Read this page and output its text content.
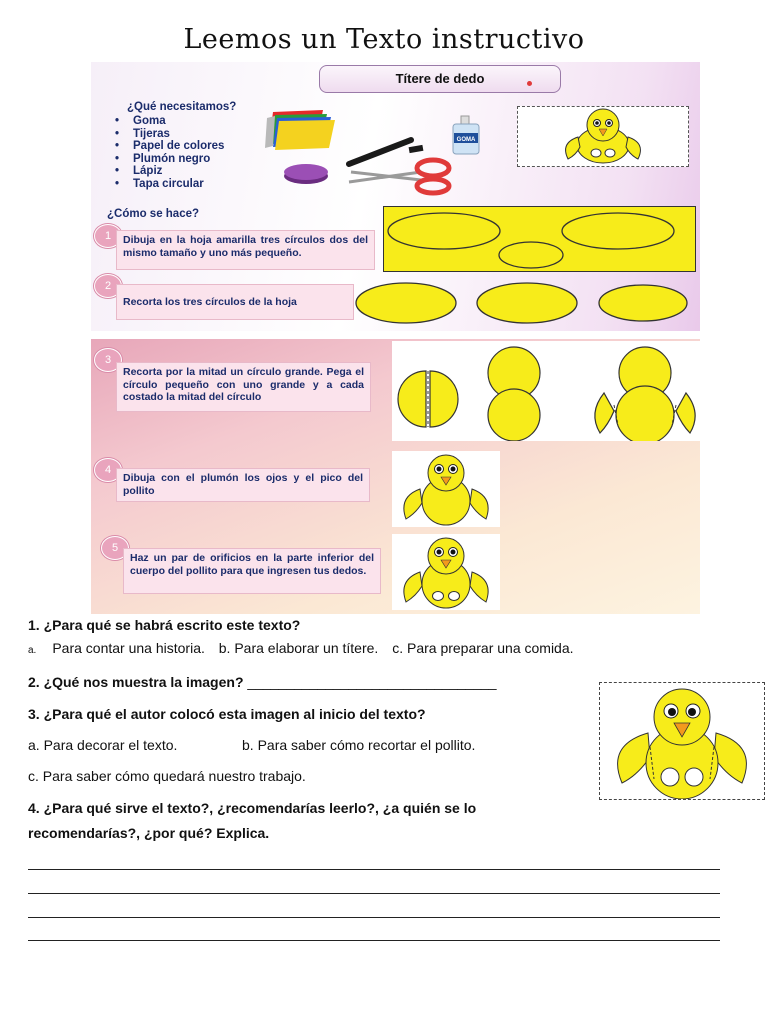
Leemos un Texto instructivo
Títere de dedo
¿Qué necesitamos?
• Goma
• Tijeras
• Papel de colores
• Plumón negro
• Lápiz
• Tapa circular
GOMA
¿Cómo se hace?
1	Dibuja en la hoja amarilla tres círculos dos del mismo tamaño y uno más pequeño.
2
Recorta los tres círculos de la hoja
3
Recorta por la mitad un círculo grande. Pega el círculo pequeño con uno grande y a cada costado la mitad del círculo
4
Dibuja con el plumón los ojos y el pico del pollito
5
Haz un par de orificios en la parte inferior del cuerpo del pollito para que ingresen tus dedos.
1. ¿Para qué se habrá escrito este texto?
a. Para contar una historia. b. Para elaborar un títere. c. Para preparar una comida.
2. ¿Qué nos muestra la imagen? ________________________________
3. ¿Para qué el autor colocó esta imagen al inicio del texto?
a. Para decorar el texto.	b. Para saber cómo recortar el pollito.
c. Para saber cómo quedará nuestro trabajo.
4. ¿Para qué sirve el texto?, ¿recomendarías leerlo?, ¿a quién se lo
recomendarías?, ¿por qué? Explica.
